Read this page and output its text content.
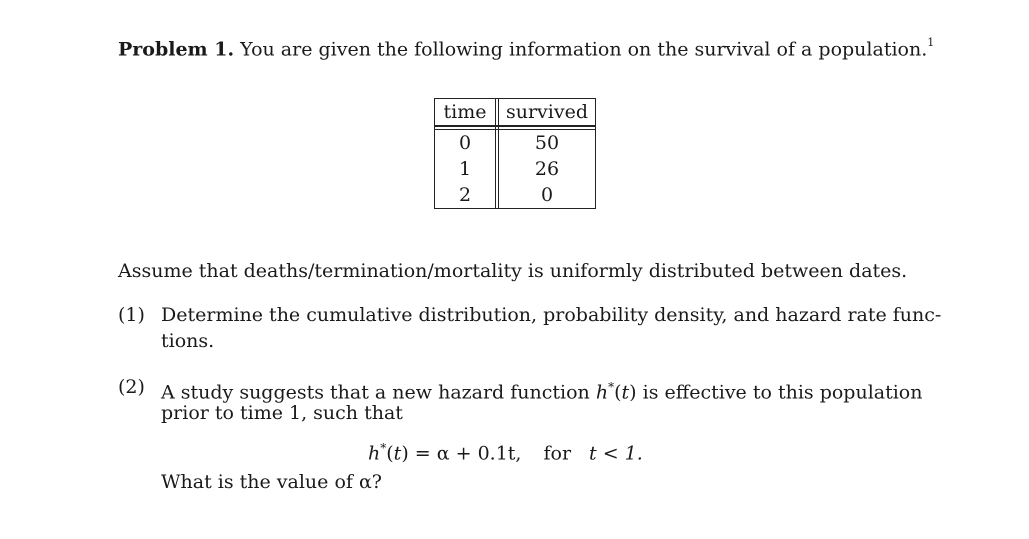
Problem 1. You are given the following information on the survival of a population.$^1$
time		survived

0		50
1		26
2		0
Assume that deaths/termination/mortality is uniformly distributed between dates.
(1) Determine the cumulative distribution, probability density, and hazard rate func-
tions.
(2) A study suggests that a new hazard function h*(t) is effective to this population
prior to time 1, such that
h*(t) = α + 0.1t, for t < 1.
What is the value of α?
